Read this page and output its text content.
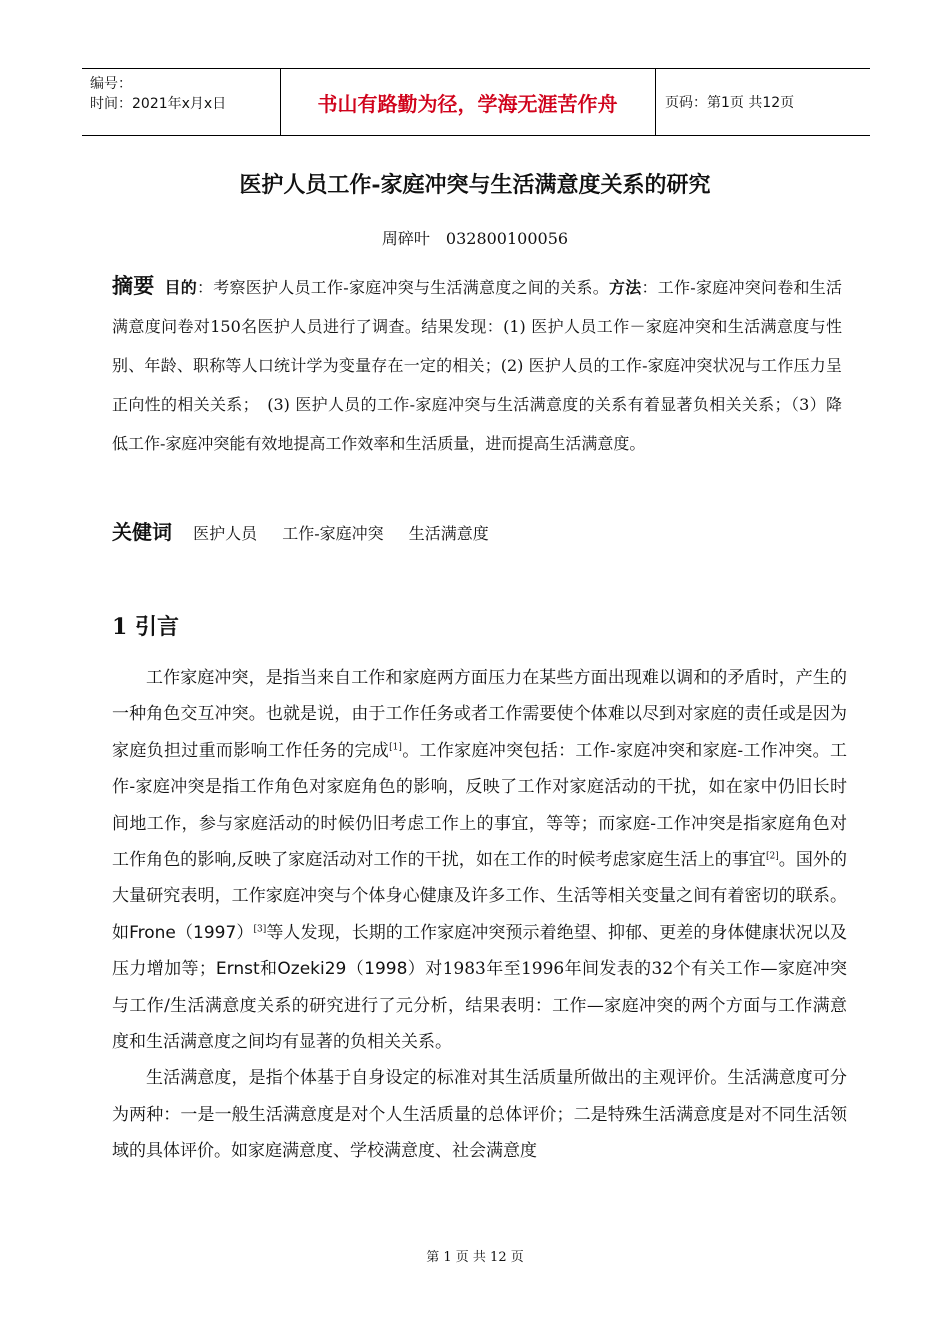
编号：
时间：2021年x月x日	书山有路勤为径，学海无涯苦作舟	页码：第1页 共12页
医护人员工作-家庭冲突与生活满意度关系的研究
周碎叶　032800100056
摘要 目的：考察医护人员工作-家庭冲突与生活满意度之间的关系。方法：工作-家庭冲突问卷和生活满意度问卷对150名医护人员进行了调查。结果发现：(1) 医护人员工作－家庭冲突和生活满意度与性别、年龄、职称等人口统计学为变量存在一定的相关；(2) 医护人员的工作-家庭冲突状况与工作压力呈正向性的相关关系；　(3) 医护人员的工作-家庭冲突与生活满意度的关系有着显著负相关关系；（3）降低工作-家庭冲突能有效地提高工作效率和生活质量，进而提高生活满意度。
关健词 医护人员 工作-家庭冲突 生活满意度
1 引言

工作家庭冲突，是指当来自工作和家庭两方面压力在某些方面出现难以调和的矛盾时，产生的一种角色交互冲突。也就是说，由于工作任务或者工作需要使个体难以尽到对家庭的责任或是因为家庭负担过重而影响工作任务的完成[1]。工作家庭冲突包括：工作-家庭冲突和家庭-工作冲突。工作-家庭冲突是指工作角色对家庭角色的影响，反映了工作对家庭活动的干扰，如在家中仍旧长时间地工作，参与家庭活动的时候仍旧考虑工作上的事宜，等等；而家庭-工作冲突是指家庭角色对工作角色的影响,反映了家庭活动对工作的干扰，如在工作的时候考虑家庭生活上的事宜[2]。国外的大量研究表明，工作家庭冲突与个体身心健康及许多工作、生活等相关变量之间有着密切的联系。如Frone（1997）[3]等人发现，长期的工作家庭冲突预示着绝望、抑郁、更差的身体健康状况以及压力增加等；Ernst和Ozeki29（1998）对1983年至1996年间发表的32个有关工作—家庭冲突与工作/生活满意度关系的研究进行了元分析，结果表明：工作—家庭冲突的两个方面与工作满意度和生活满意度之间均有显著的负相关关系。

生活满意度，是指个体基于自身设定的标准对其生活质量所做出的主观评价。生活满意度可分为两种：一是一般生活满意度是对个人生活质量的总体评价；二是特殊生活满意度是对不同生活领域的具体评价。如家庭满意度、学校满意度、社会满意度

第 1 页 共 12 页
